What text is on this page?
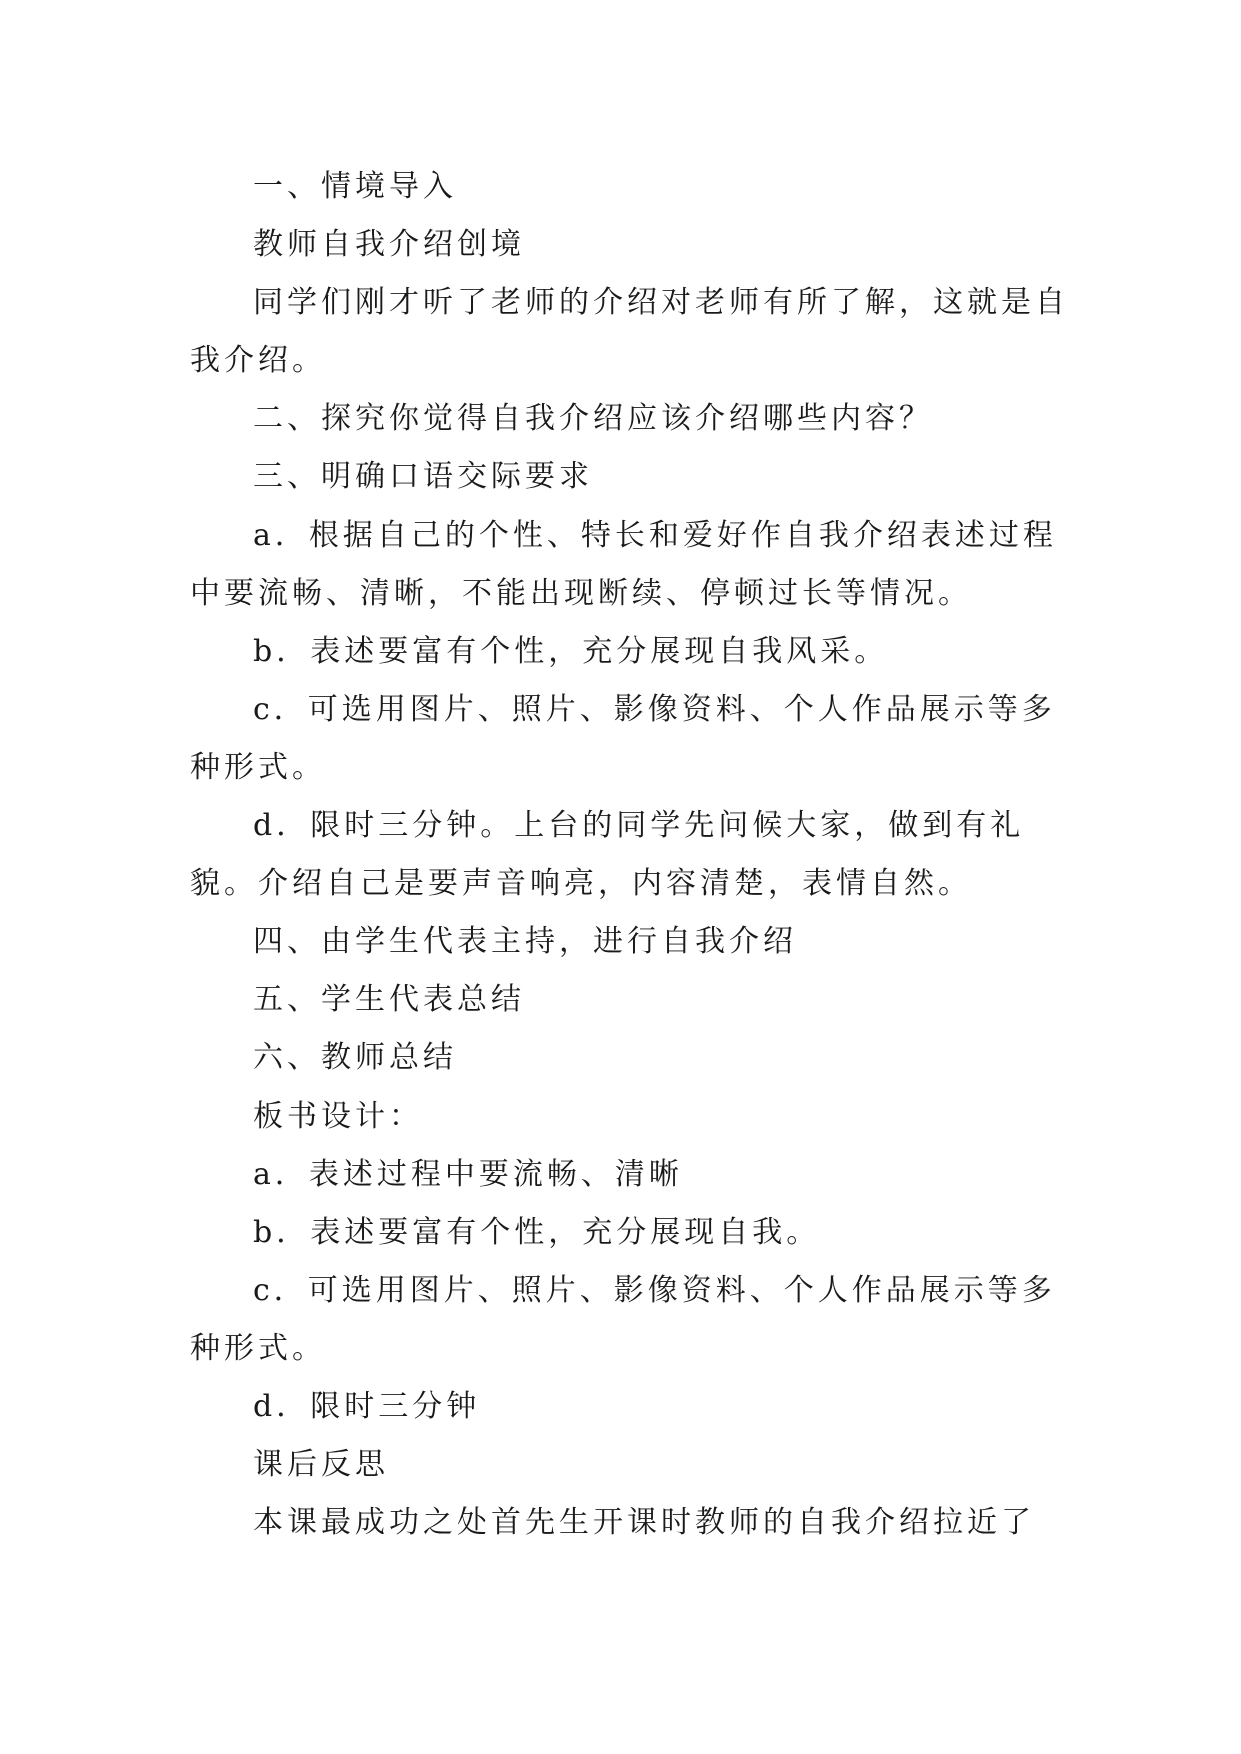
一、情境导入

教师自我介绍创境

同学们刚才听了老师的介绍对老师有所了解，这就是自我介绍。

二、探究你觉得自我介绍应该介绍哪些内容？

三、明确口语交际要求

a．根据自己的个性、特长和爱好作自我介绍表述过程中要流畅、清晰，不能出现断续、停顿过长等情况。

b．表述要富有个性，充分展现自我风采。

c．可选用图片、照片、影像资料、个人作品展示等多种形式。

d．限时三分钟。上台的同学先问候大家，做到有礼貌。介绍自己是要声音响亮，内容清楚，表情自然。

四、由学生代表主持，进行自我介绍

五、学生代表总结

六、教师总结

板书设计：

a．表述过程中要流畅、清晰

b．表述要富有个性，充分展现自我。

c．可选用图片、照片、影像资料、个人作品展示等多种形式。

d．限时三分钟

课后反思

本课最成功之处首先生开课时教师的自我介绍拉近了
